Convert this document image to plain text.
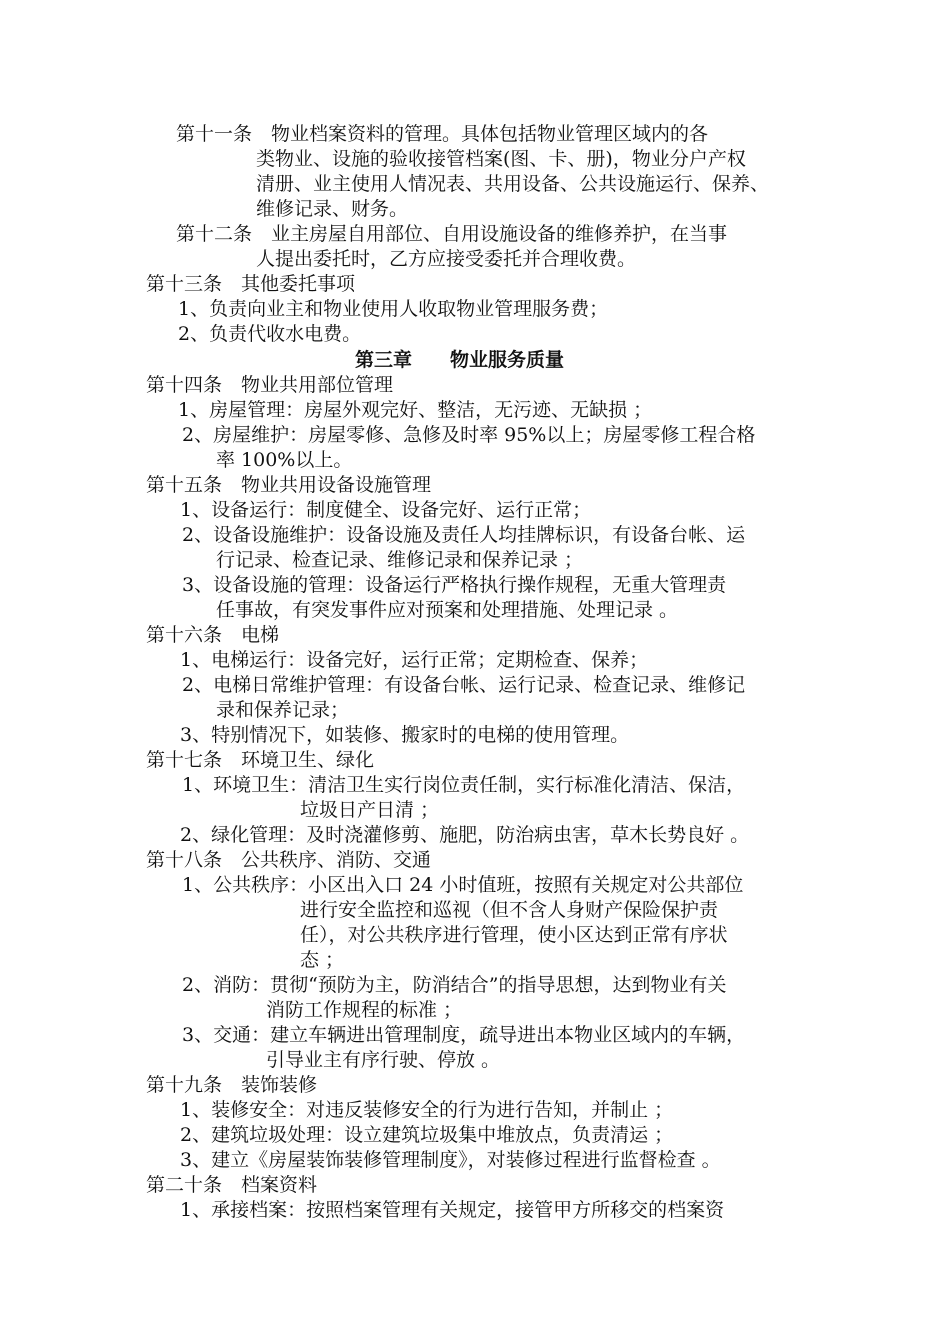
第十一条　物业档案资料的管理。具体包括物业管理区域内的各
类物业、设施的验收接管档案(图、卡、册)，物业分户产权
清册、业主使用人情况表、共用设备、公共设施运行、保养、
维修记录、财务。
第十二条　业主房屋自用部位、自用设施设备的维修养护，在当事
人提出委托时，乙方应接受委托并合理收费。
第十三条　其他委托事项
1、负责向业主和物业使用人收取物业管理服务费；
2、负责代收水电费。
第三章　　物业服务质量
第十四条　物业共用部位管理
1、房屋管理：房屋外观完好、整洁，无污迹、无缺损 ；
2、房屋维护：房屋零修、急修及时率 95%以上；房屋零修工程合格
率 100%以上。
第十五条　物业共用设备设施管理
1、设备运行：制度健全、设备完好、运行正常；
2、设备设施维护：设备设施及责任人均挂牌标识，有设备台帐、运
行记录、检查记录、维修记录和保养记录 ；
3、设备设施的管理：设备运行严格执行操作规程，无重大管理责
任事故，有突发事件应对预案和处理措施、处理记录 。
第十六条　电梯
1、电梯运行：设备完好，运行正常；定期检查、保养；
2、电梯日常维护管理：有设备台帐、运行记录、检查记录、维修记
录和保养记录；
3、特别情况下，如装修、搬家时的电梯的使用管理。
第十七条　环境卫生、绿化
1、环境卫生：清洁卫生实行岗位责任制，实行标准化清洁、保洁，
垃圾日产日清 ；
2、绿化管理：及时浇灌修剪、施肥，防治病虫害，草木长势良好 。
第十八条　公共秩序、消防、交通
1、公共秩序：小区出入口 24 小时值班，按照有关规定对公共部位
进行安全监控和巡视（但不含人身财产保险保护责
任），对公共秩序进行管理，使小区达到正常有序状
态 ；
2、消防：贯彻“预防为主，防消结合”的指导思想，达到物业有关
消防工作规程的标准 ；
3、交通：建立车辆进出管理制度，疏导进出本物业区域内的车辆，
引导业主有序行驶、停放 。
第十九条　装饰装修
1、装修安全：对违反装修安全的行为进行告知，并制止 ；
2、建筑垃圾处理：设立建筑垃圾集中堆放点，负责清运 ；
3、建立《房屋装饰装修管理制度》，对装修过程进行监督检查 。
第二十条　档案资料
1、承接档案：按照档案管理有关规定，接管甲方所移交的档案资
